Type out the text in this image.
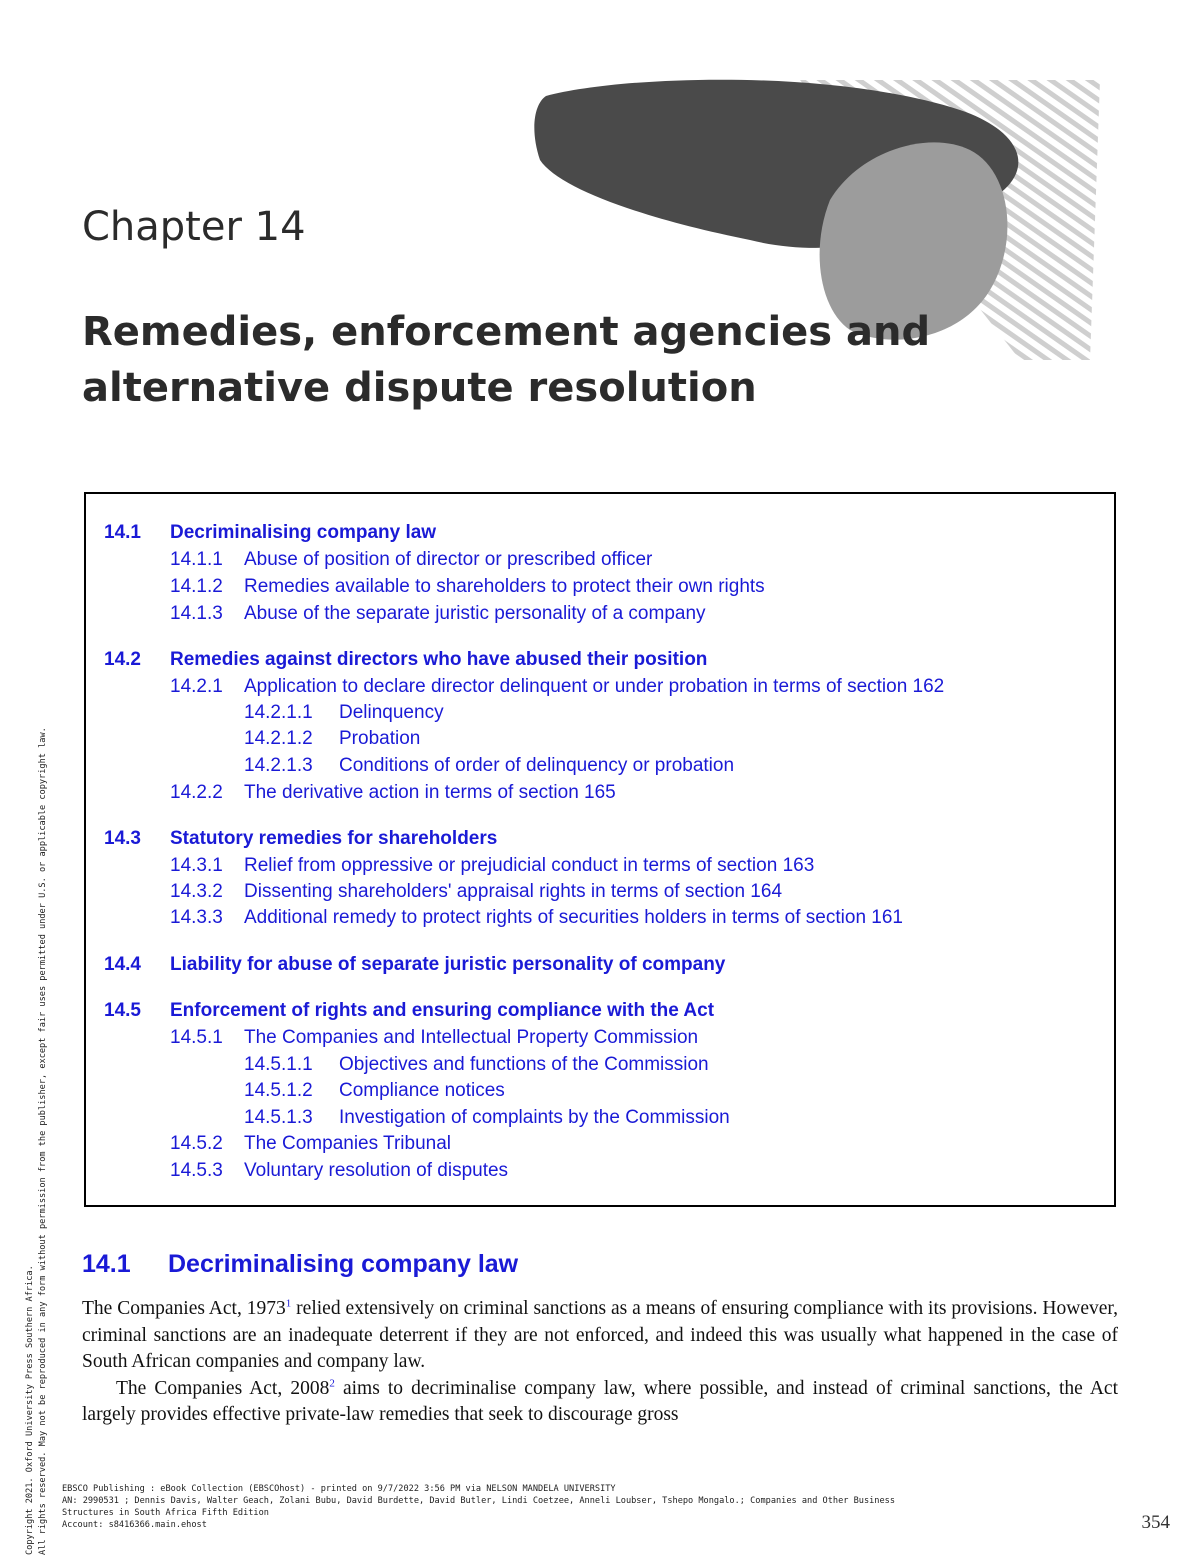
Chapter 14
Remedies, enforcement agencies and alternative dispute resolution
14.1 Decriminalising company law
14.1.1 Abuse of position of director or prescribed officer
14.1.2 Remedies available to shareholders to protect their own rights
14.1.3 Abuse of the separate juristic personality of a company
14.2 Remedies against directors who have abused their position
14.2.1 Application to declare director delinquent or under probation in terms of section 162
14.2.1.1 Delinquency
14.2.1.2 Probation
14.2.1.3 Conditions of order of delinquency or probation
14.2.2 The derivative action in terms of section 165
14.3 Statutory remedies for shareholders
14.3.1 Relief from oppressive or prejudicial conduct in terms of section 163
14.3.2 Dissenting shareholders' appraisal rights in terms of section 164
14.3.3 Additional remedy to protect rights of securities holders in terms of section 161
14.4 Liability for abuse of separate juristic personality of company
14.5 Enforcement of rights and ensuring compliance with the Act
14.5.1 The Companies and Intellectual Property Commission
14.5.1.1 Objectives and functions of the Commission
14.5.1.2 Compliance notices
14.5.1.3 Investigation of complaints by the Commission
14.5.2 The Companies Tribunal
14.5.3 Voluntary resolution of disputes
14.1 Decriminalising company law

The Companies Act, 1973$^1$ relied extensively on criminal sanctions as a means of ensuring compliance with its provisions. However, criminal sanctions are an inadequate deterrent if they are not enforced, and indeed this was usually what happened in the case of South African companies and company law.

The Companies Act, 2008$^2$ aims to decriminalise company law, where possible, and instead of criminal sanctions, the Act largely provides effective private-law remedies that seek to discourage gross

Copyright 2021. Oxford University Press Southern Africa. All rights reserved. May not be reproduced in any form without permission from the publisher, except fair uses permitted under U.S. or applicable copyright law. EBSCO Publishing : eBook Collection (EBSCOhost) - printed on 9/7/2022 3:56 PM via NELSON MANDELA UNIVERSITY
AN: 2990531 ; Dennis Davis, Walter Geach, Zolani Bubu, David Burdette, David Butler, Lindi Coetzee, Anneli Loubser, Tshepo Mongalo.; Companies and Other Business
Structures in South Africa Fifth Edition
Account: s8416366.main.ehost	354
